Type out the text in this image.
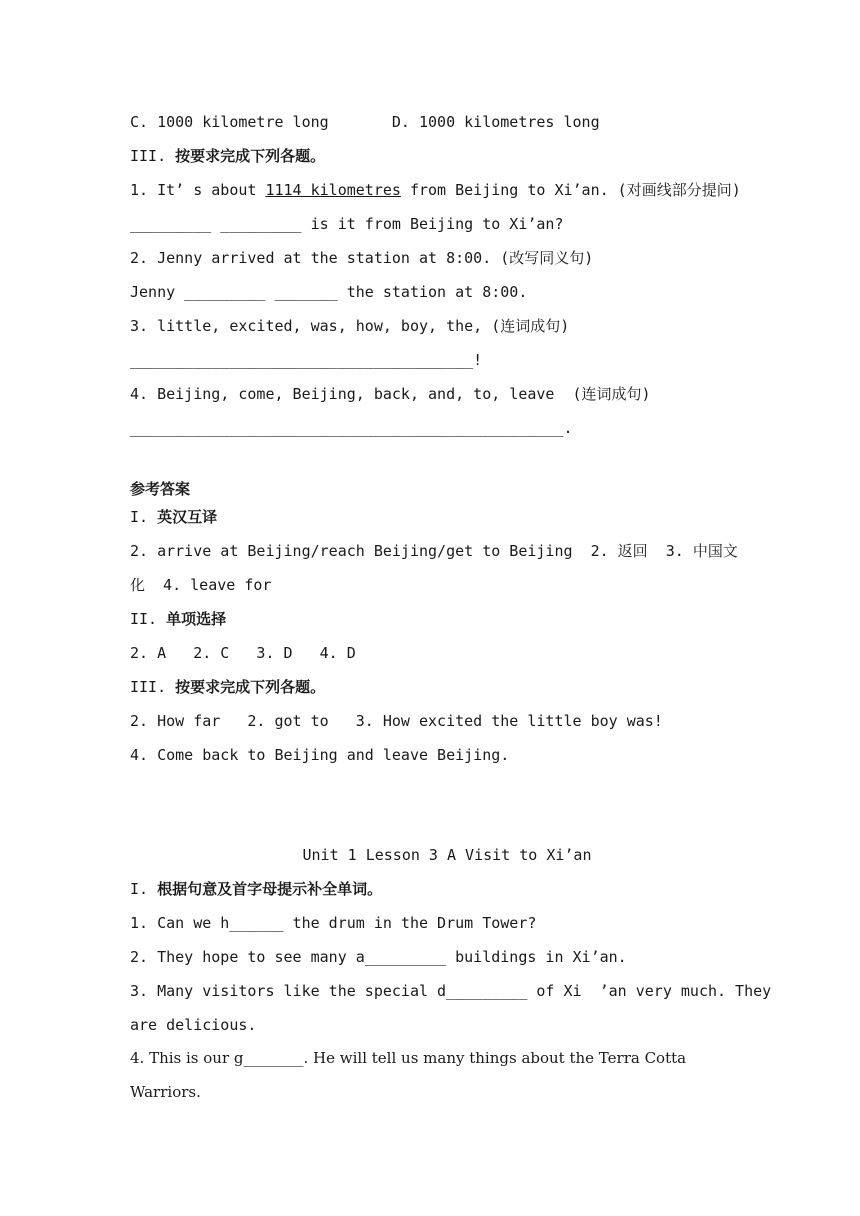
C. 1000 kilometre long       D. 1000 kilometres long
III. 按要求完成下列各题。
1. It’ s about 1114 kilometres from Beijing to Xi’an. (对画线部分提问)
_________ _________ is it from Beijing to Xi’an?
2. Jenny arrived at the station at 8:00. (改写同义句)
Jenny _________ _______ the station at 8:00.
3. little, excited, was, how, boy, the, (连词成句)
______________________________________!
4. Beijing, come, Beijing, back, and, to, leave  (连词成句)
________________________________________________.
参考答案
I. 英汉互译
2. arrive at Beijing/reach Beijing/get to Beijing  2. 返回  3. 中国文
化  4. leave for
II. 单项选择
2. A   2. C   3. D   4. D
III. 按要求完成下列各题。
2. How far   2. got to   3. How excited the little boy was!
4. Come back to Beijing and leave Beijing.
Unit 1 Lesson 3 A Visit to Xi’an
I. 根据句意及首字母提示补全单词。
1. Can we h______ the drum in the Drum Tower?
2. They hope to see many a_________ buildings in Xi’an.
3. Many visitors like the special d_________ of Xi  ’an very much. They
are delicious.
4. This is our g________. He will tell us many things about the Terra Cotta
Warriors.
